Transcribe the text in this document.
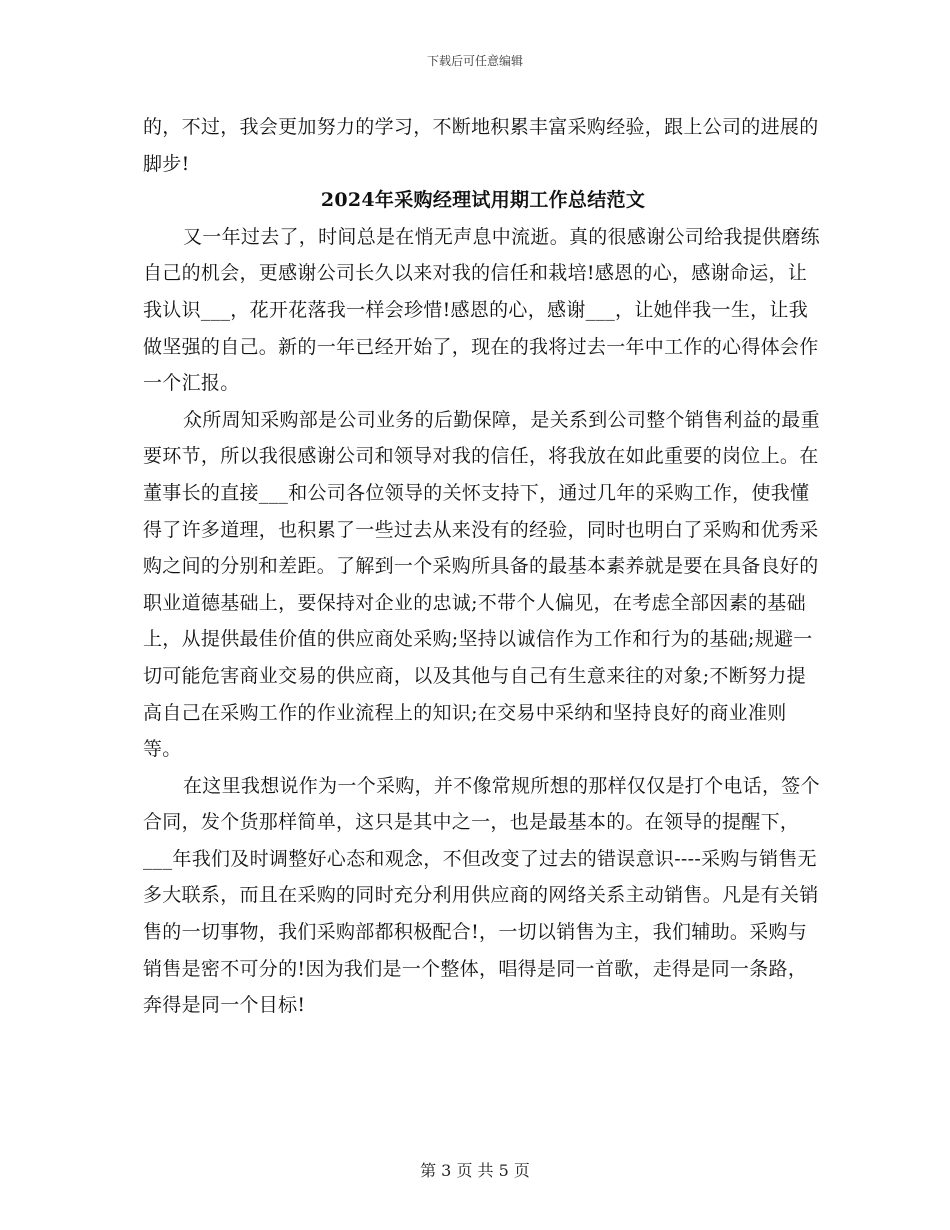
下载后可任意编辑

的，不过，我会更加努力的学习，不断地积累丰富采购经验，跟上公司的进展的脚步!

2024年采购经理试用期工作总结范文

又一年过去了，时间总是在悄无声息中流逝。真的很感谢公司给我提供磨练自己的机会，更感谢公司长久以来对我的信任和栽培!感恩的心，感谢命运，让我认识___，花开花落我一样会珍惜!感恩的心，感谢___，让她伴我一生，让我做坚强的自己。新的一年已经开始了，现在的我将过去一年中工作的心得体会作一个汇报。

众所周知采购部是公司业务的后勤保障，是关系到公司整个销售利益的最重要环节，所以我很感谢公司和领导对我的信任，将我放在如此重要的岗位上。在董事长的直接___和公司各位领导的关怀支持下，通过几年的采购工作，使我懂得了许多道理，也积累了一些过去从来没有的经验，同时也明白了采购和优秀采购之间的分别和差距。了解到一个采购所具备的最基本素养就是要在具备良好的职业道德基础上，要保持对企业的忠诚;不带个人偏见，在考虑全部因素的基础上，从提供最佳价值的供应商处采购;坚持以诚信作为工作和行为的基础;规避一切可能危害商业交易的供应商，以及其他与自己有生意来往的对象;不断努力提高自己在采购工作的作业流程上的知识;在交易中采纳和坚持良好的商业准则等。

在这里我想说作为一个采购，并不像常规所想的那样仅仅是打个电话，签个合同，发个货那样简单，这只是其中之一，也是最基本的。在领导的提醒下，___年我们及时调整好心态和观念，不但改变了过去的错误意识----采购与销售无多大联系，而且在采购的同时充分利用供应商的网络关系主动销售。凡是有关销售的一切事物，我们采购部都积极配合!，一切以销售为主，我们辅助。采购与销售是密不可分的!因为我们是一个整体，唱得是同一首歌，走得是同一条路，奔得是同一个目标!

第 3 页 共 5 页
